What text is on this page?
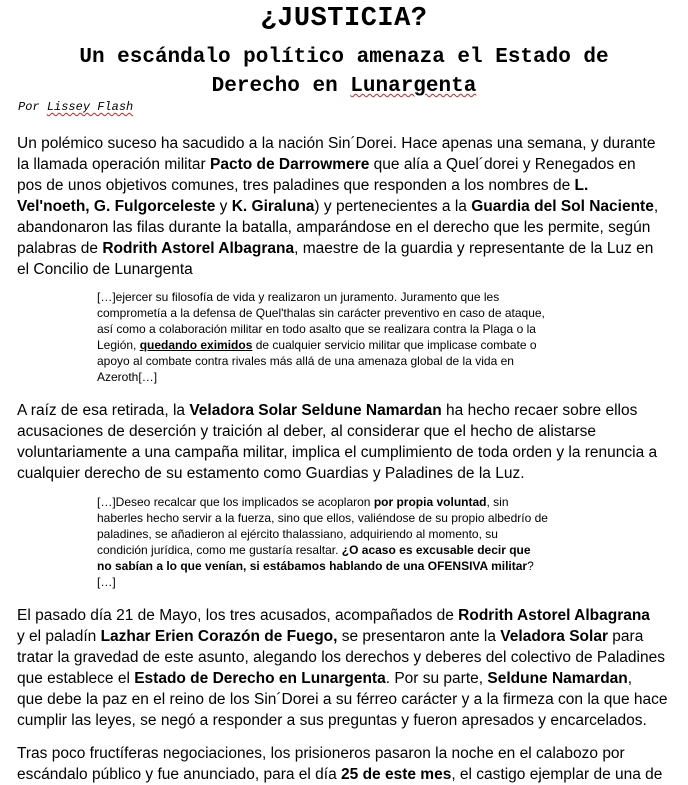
¿JUSTICIA?
Un escándalo político amenaza el Estado de
Derecho en Lunargenta

Por Lissey Flash

Un polémico suceso ha sacudido a la nación Sin´Dorei. Hace apenas una semana, y durante
la llamada operación militar Pacto de Darrowmere que alía a Quel´dorei y Renegados en
pos de unos objetivos comunes, tres paladines que responden a los nombres de L.
Vel'noeth, G. Fulgorceleste y K. Giraluna) y pertenecientes a la Guardia del Sol Naciente,
abandonaron las filas durante la batalla, amparándose en el derecho que les permite, según
palabras de Rodrith Astorel Albagrana, maestre de la guardia y representante de la Luz en
el Concilio de Lunargenta

[…]ejercer su filosofía de vida y realizaron un juramento. Juramento que les
comprometía a la defensa de Quel'thalas sin carácter preventivo en caso de ataque,
así como a colaboración militar en todo asalto que se realizara contra la Plaga o la
Legión, quedando eximidos de cualquier servicio militar que implicase combate o
apoyo al combate contra rivales más allá de una amenaza global de la vida en
Azeroth[…]

A raíz de esa retirada, la Veladora Solar Seldune Namardan ha hecho recaer sobre ellos
acusaciones de deserción y traición al deber, al considerar que el hecho de alistarse
voluntariamente a una campaña militar, implica el cumplimiento de toda orden y la renuncia a
cualquier derecho de su estamento como Guardias y Paladines de la Luz.

[…]Deseo recalcar que los implicados se acoplaron por propia voluntad, sin
haberles hecho servir a la fuerza, sino que ellos, valiéndose de su propio albedrío de
paladines, se añadieron al ejército thalassiano, adquiriendo al momento, su
condición jurídica, como me gustaría resaltar. ¿O acaso es excusable decir que
no sabían a lo que venían, si estábamos hablando de una OFENSIVA militar?
[…]

El pasado día 21 de Mayo, los tres acusados, acompañados de Rodrith Astorel Albagrana
y el paladín Lazhar Erien Corazón de Fuego, se presentaron ante la Veladora Solar para
tratar la gravedad de este asunto, alegando los derechos y deberes del colectivo de Paladines
que establece el Estado de Derecho en Lunargenta. Por su parte, Seldune Namardan,
que debe la paz en el reino de los Sin´Dorei a su férreo carácter y a la firmeza con la que hace
cumplir las leyes, se negó a responder a sus preguntas y fueron apresados y encarcelados.

Tras poco fructíferas negociaciones, los prisioneros pasaron la noche en el calabozo por
escándalo público y fue anunciado, para el día 25 de este mes, el castigo ejemplar de una de
